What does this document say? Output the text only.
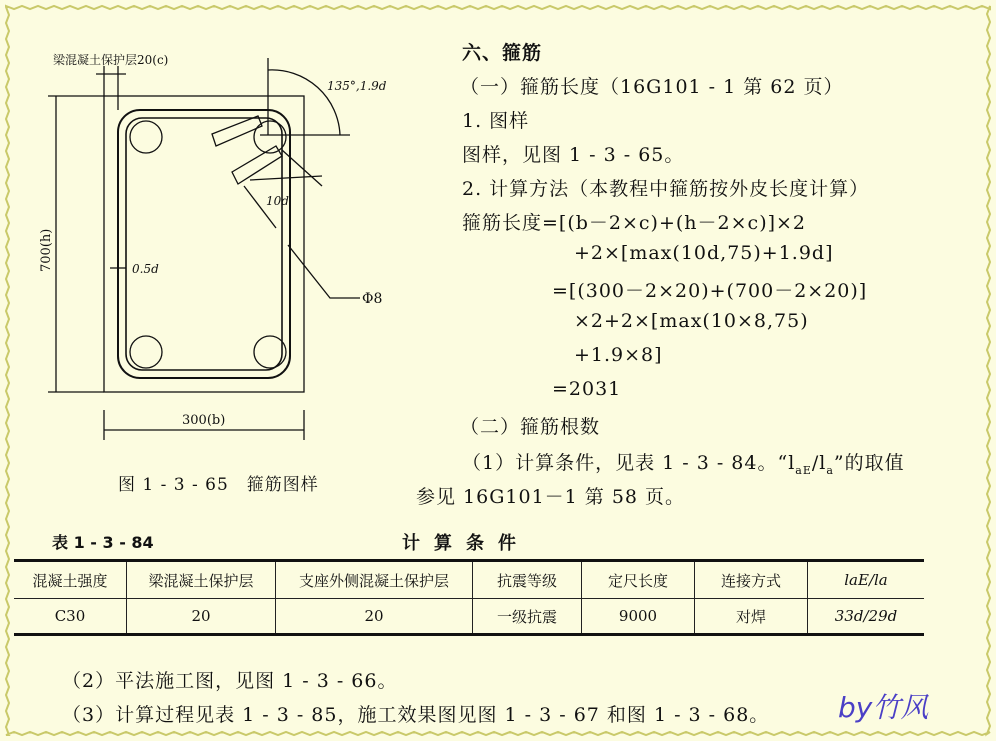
梁混凝土保护层20(c)
135°,1.9d
10d
0.5d
Φ8
300(b)
700(h)
图 1 - 3 - 65　箍筋图样
六、箍筋
（一）箍筋长度（16G101 - 1 第 62 页）
1. 图样
图样，见图 1 - 3 - 65。
2. 计算方法（本教程中箍筋按外皮长度计算）
箍筋长度=[(b－2×c)+(h－2×c)]×2
+2×[max(10d,75)+1.9d]
=[(300－2×20)+(700－2×20)]
×2+2×[max(10×8,75)
+1.9×8]
=2031
（二）箍筋根数
（1）计算条件，见表 1 - 3 - 84。“$l_{aE}/l_a$”的取值
参见 16G101－1 第 58 页。
表 1 - 3 - 84	计算条件
混凝土强度	梁混凝土保护层	支座外侧混凝土保护层	抗震等级	定尺长度	连接方式	laE/la
C30	20	20	一级抗震	9000	对焊	33d/29d
（2）平法施工图，见图 1 - 3 - 66。
（3）计算过程见表 1 - 3 - 85，施工效果图见图 1 - 3 - 67 和图 1 - 3 - 68。 by竹风
